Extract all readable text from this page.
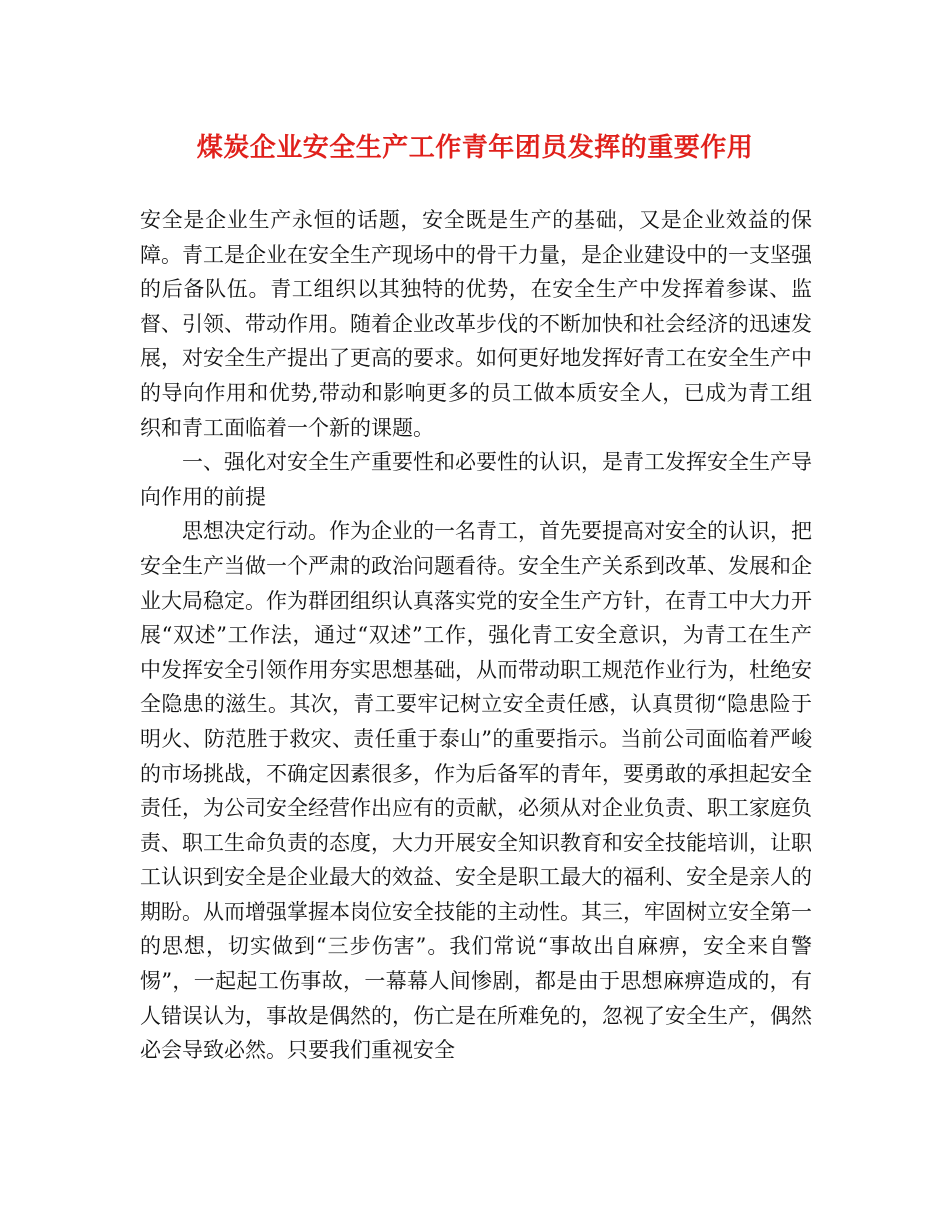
煤炭企业安全生产工作青年团员发挥的重要作用

安全是企业生产永恒的话题，安全既是生产的基础，又是企业效益的保障。青工是企业在安全生产现场中的骨干力量，是企业建设中的一支坚强的后备队伍。青工组织以其独特的优势，在安全生产中发挥着参谋、监督、引领、带动作用。随着企业改革步伐的不断加快和社会经济的迅速发展，对安全生产提出了更高的要求。如何更好地发挥好青工在安全生产中的导向作用和优势,带动和影响更多的员工做本质安全人，已成为青工组织和青工面临着一个新的课题。

一、强化对安全生产重要性和必要性的认识，是青工发挥安全生产导向作用的前提

思想决定行动。作为企业的一名青工，首先要提高对安全的认识，把安全生产当做一个严肃的政治问题看待。安全生产关系到改革、发展和企业大局稳定。作为群团组织认真落实党的安全生产方针，在青工中大力开展“双述”工作法，通过“双述”工作，强化青工安全意识，为青工在生产中发挥安全引领作用夯实思想基础，从而带动职工规范作业行为，杜绝安全隐患的滋生。其次，青工要牢记树立安全责任感，认真贯彻“隐患险于明火、防范胜于救灾、责任重于泰山”的重要指示。当前公司面临着严峻的市场挑战，不确定因素很多，作为后备军的青年，要勇敢的承担起安全责任，为公司安全经营作出应有的贡献，必须从对企业负责、职工家庭负责、职工生命负责的态度，大力开展安全知识教育和安全技能培训，让职工认识到安全是企业最大的效益、安全是职工最大的福利、安全是亲人的期盼。从而增强掌握本岗位安全技能的主动性。其三，牢固树立安全第一的思想，切实做到“三步伤害”。我们常说“事故出自麻痹，安全来自警惕”，一起起工伤事故，一幕幕人间惨剧，都是由于思想麻痹造成的，有人错误认为，事故是偶然的，伤亡是在所难免的，忽视了安全生产，偶然必会导致必然。只要我们重视安全
